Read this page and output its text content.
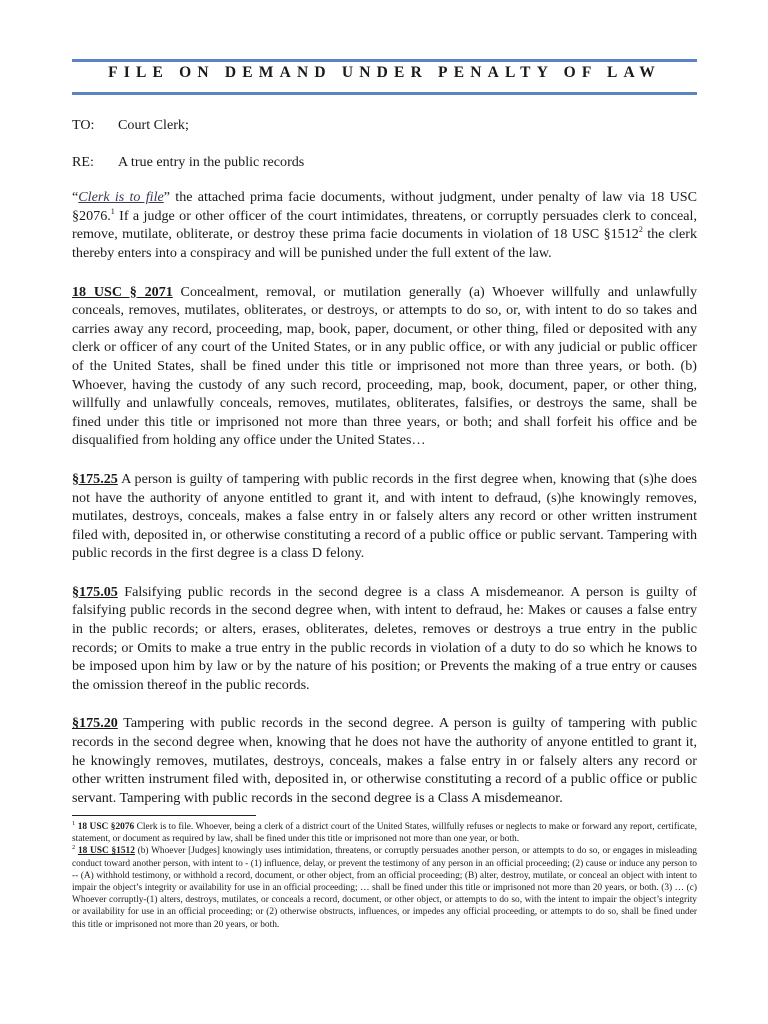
FILE ON DEMAND UNDER PENALTY OF LAW

TO: Court Clerk;

RE: A true entry in the public records

“Clerk is to file” the attached prima facie documents, without judgment, under penalty of law via 18 USC §2076.$^1$ If a judge or other officer of the court intimidates, threatens, or corruptly persuades clerk to conceal, remove, mutilate, obliterate, or destroy these prima facie documents in violation of 18 USC §1512$^2$ the clerk thereby enters into a conspiracy and will be punished under the full extent of the law.

18 USC § 2071 Concealment, removal, or mutilation generally (a) Whoever willfully and unlawfully conceals, removes, mutilates, obliterates, or destroys, or attempts to do so, or, with intent to do so takes and carries away any record, proceeding, map, book, paper, document, or other thing, filed or deposited with any clerk or officer of any court of the United States, or in any public office, or with any judicial or public officer of the United States, shall be fined under this title or imprisoned not more than three years, or both. (b) Whoever, having the custody of any such record, proceeding, map, book, document, paper, or other thing, willfully and unlawfully conceals, removes, mutilates, obliterates, falsifies, or destroys the same, shall be fined under this title or imprisoned not more than three years, or both; and shall forfeit his office and be disqualified from holding any office under the United States…

§175.25 A person is guilty of tampering with public records in the first degree when, knowing that (s)he does not have the authority of anyone entitled to grant it, and with intent to defraud, (s)he knowingly removes, mutilates, destroys, conceals, makes a false entry in or falsely alters any record or other written instrument filed with, deposited in, or otherwise constituting a record of a public office or public servant. Tampering with public records in the first degree is a class D felony.

§175.05 Falsifying public records in the second degree is a class A misdemeanor. A person is guilty of falsifying public records in the second degree when, with intent to defraud, he: Makes or causes a false entry in the public records; or alters, erases, obliterates, deletes, removes or destroys a true entry in the public records; or Omits to make a true entry in the public records in violation of a duty to do so which he knows to be imposed upon him by law or by the nature of his position; or Prevents the making of a true entry or causes the omission thereof in the public records.

§175.20 Tampering with public records in the second degree. A person is guilty of tampering with public records in the second degree when, knowing that he does not have the authority of anyone entitled to grant it, he knowingly removes, mutilates, destroys, conceals, makes a false entry in or falsely alters any record or other written instrument filed with, deposited in, or otherwise constituting a record of a public office or public servant. Tampering with public records in the second degree is a Class A misdemeanor.

$^1$ 18 USC §2076 Clerk is to file. Whoever, being a clerk of a district court of the United States, willfully refuses or neglects to make or forward any report, certificate, statement, or document as required by law, shall be fined under this title or imprisoned not more than one year, or both.

$^2$ 18 USC §1512 (b) Whoever [Judges] knowingly uses intimidation, threatens, or corruptly persuades another person, or attempts to do so, or engages in misleading conduct toward another person, with intent to - (1) influence, delay, or prevent the testimony of any person in an official proceeding; (2) cause or induce any person to -- (A) withhold testimony, or withhold a record, document, or other object, from an official proceeding; (B) alter, destroy, mutilate, or conceal an object with intent to impair the object’s integrity or availability for use in an official proceeding; … shall be fined under this title or imprisoned not more than 20 years, or both. (3) … (c) Whoever corruptly-(1) alters, destroys, mutilates, or conceals a record, document, or other object, or attempts to do so, with the intent to impair the object’s integrity or availability for use in an official proceeding; or (2) otherwise obstructs, influences, or impedes any official proceeding, or attempts to do so, shall be fined under this title or imprisoned not more than 20 years, or both.
